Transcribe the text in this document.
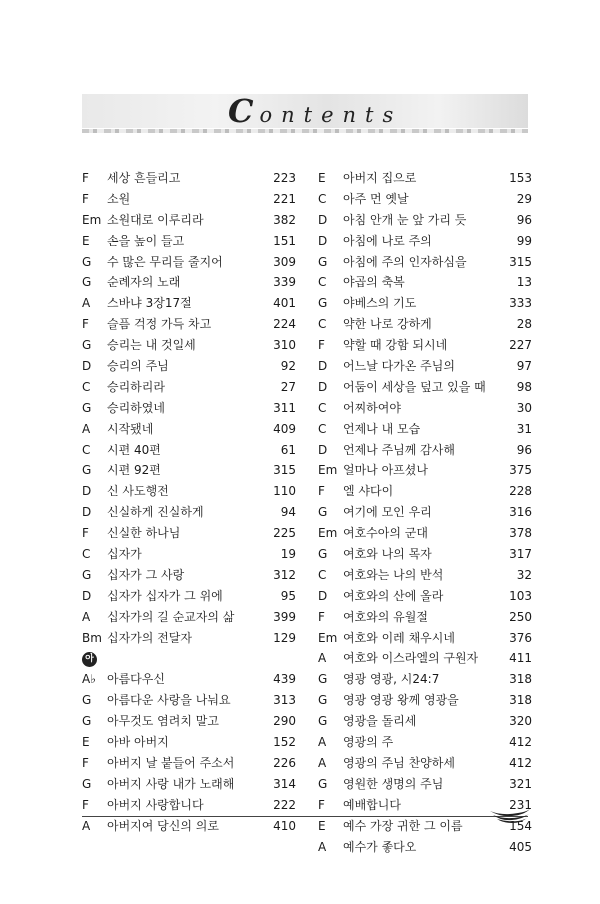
Contents
F	세상 흔들리고	223
F	소원	221
Em 소원대로 이루리라	382
E	손을 높이 들고	151
G	수 많은 무리들 줄지어	309
G	순례자의 노래	339
A	스바냐 3장17절	401
F	슬픔 걱정 가득 차고	224
G	승리는 내 것일세	310
D	승리의 주님	92
C	승리하리라	27
G	승리하였네	311
A	시작됐네	409
C	시편 40편	61
G	시편 92편	315
D	신 사도행전	110
D	신실하게 진실하게	94
F	신실한 하나님	225
C	십자가	19
G	십자가 그 사랑	312
D	십자가 십자가 그 위에	95
A	십자가의 길 순교자의 삶	399
Bm 십자가의 전달자	129
아
A♭ 아름다우신	439
G	아름다운 사랑을 나눠요	313
G	아무것도 염려치 말고	290
E	아바 아버지	152
F	아버지 날 붙들어 주소서	226
G	아버지 사랑 내가 노래해	314
F	아버지 사랑합니다	222
A	아버지여 당신의 의로	410
E	아버지 집으로	153
C	아주 먼 옛날	29
D	아침 안개 눈 앞 가리 듯	96
D	아침에 나로 주의	99
G	아침에 주의 인자하심을	315
C	야곱의 축복	13
G	야베스의 기도	333
C	약한 나로 강하게	28
F	약할 때 강함 되시네	227
D	어느날 다가온 주님의	97
D	어둠이 세상을 덮고 있을 때	98
C	어찌하여야	30
C	언제나 내 모습	31
D	언제나 주님께 감사해	96
Em 얼마나 아프셨나	375
F	엘 샤다이	228
G	여기에 모인 우리	316
Em 여호수아의 군대	378
G	여호와 나의 목자	317
C	여호와는 나의 반석	32
D	여호와의 산에 올라	103
F	여호와의 유월절	250
Em 여호와 이레 채우시네	376
A	여호와 이스라엘의 구원자	411
G	영광 영광, 시24:7	318
G	영광 영광 왕께 영광을	318
G	영광을 돌리세	320
A	영광의 주	412
A	영광의 주님 찬양하세	412
G	영원한 생명의 주님	321
F	예배합니다	231
E	예수 가장 귀한 그 이름	154
A	예수가 좋다오	405
